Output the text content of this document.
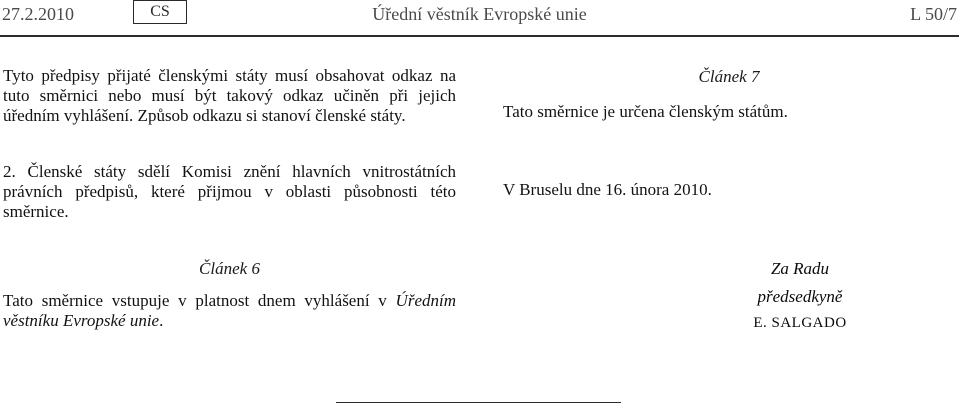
27.2.2010	CS	Úřední věstník Evropské unie	L 50/7
Tyto předpisy přijaté členskými státy musí obsahovat odkaz na tuto směrnici nebo musí být takový odkaz učiněn při jejich úředním vyhlášení. Způsob odkazu si stanoví členské státy.
2. Členské státy sdělí Komisi znění hlavních vnitrostátních právních předpisů, které přijmou v oblasti působnosti této směrnice.
Článek 6
Tato směrnice vstupuje v platnost dnem vyhlášení v Úředním věstníku Evropské unie.
Článek 7
Tato směrnice je určena členským státům.
V Bruselu dne 16. února 2010.
Za Radu
předsedkyně
E. SALGADO
